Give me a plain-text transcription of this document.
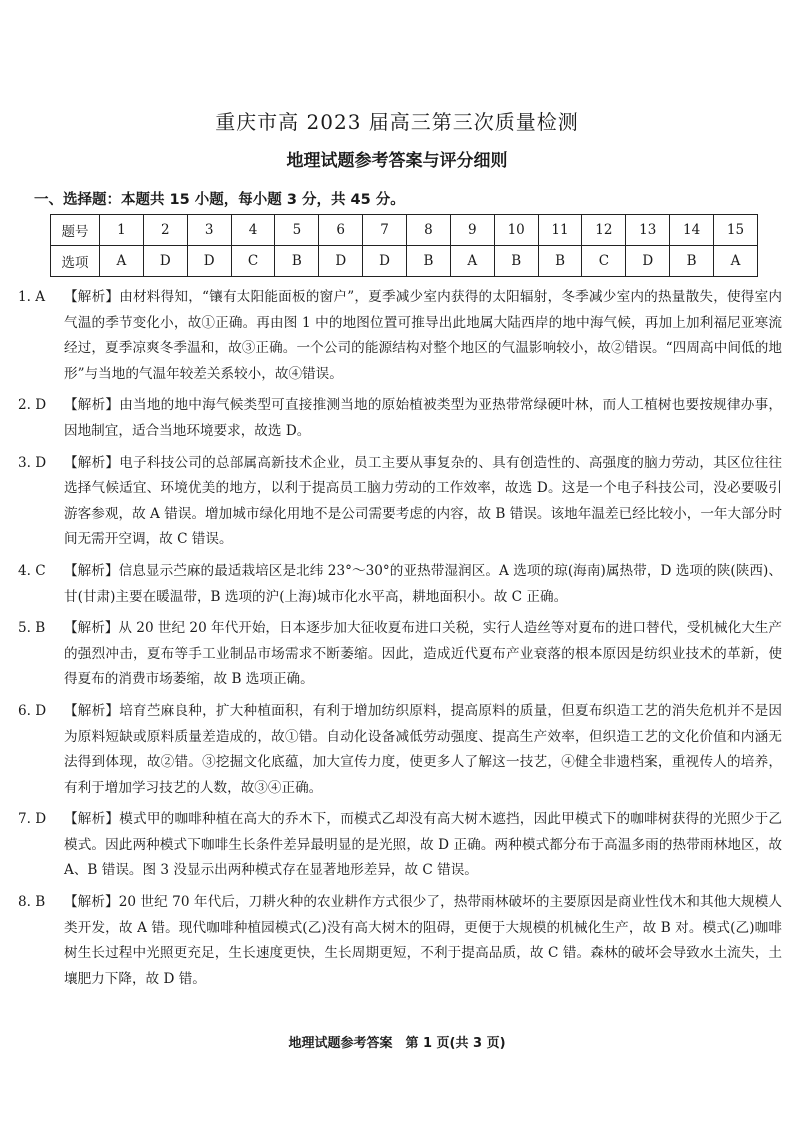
重庆市高 2023 届高三第三次质量检测
地理试题参考答案与评分细则
一、选择题：本题共 15 小题，每小题 3 分，共 45 分。
题号	1	2	3	4	5	6	7	8	9	10	11	12	13	14	15
选项	A	D	D	C	B	D	D	B	A	B	B	C	D	B	A
1. A	【解析】由材料得知，“镶有太阳能面板的窗户”，夏季减少室内获得的太阳辐射，冬季减少室内的热量散失，使得室内气温的季节变化小，故①正确。再由图 1 中的地图位置可推导出此地属大陆西岸的地中海气候，再加上加利福尼亚寒流经过，夏季凉爽冬季温和，故③正确。一个公司的能源结构对整个地区的气温影响较小，故②错误。“四周高中间低的地形”与当地的气温年较差关系较小，故④错误。
2. D	【解析】由当地的地中海气候类型可直接推测当地的原始植被类型为亚热带常绿硬叶林，而人工植树也要按规律办事，因地制宜，适合当地环境要求，故选 D。
3. D	【解析】电子科技公司的总部属高新技术企业，员工主要从事复杂的、具有创造性的、高强度的脑力劳动，其区位往往选择气候适宜、环境优美的地方，以利于提高员工脑力劳动的工作效率，故选 D。这是一个电子科技公司，没必要吸引游客参观，故 A 错误。增加城市绿化用地不是公司需要考虑的内容，故 B 错误。该地年温差已经比较小，一年大部分时间无需开空调，故 C 错误。
4. C	【解析】信息显示苎麻的最适栽培区是北纬 23°～30°的亚热带湿润区。A 选项的琼(海南)属热带，D 选项的陕(陕西)、甘(甘肃)主要在暖温带，B 选项的沪(上海)城市化水平高，耕地面积小。故 C 正确。
5. B	【解析】从 20 世纪 20 年代开始，日本逐步加大征收夏布进口关税，实行人造丝等对夏布的进口替代，受机械化大生产的强烈冲击，夏布等手工业制品市场需求不断萎缩。因此，造成近代夏布产业衰落的根本原因是纺织业技术的革新，使得夏布的消费市场萎缩，故 B 选项正确。
6. D	【解析】培育苎麻良种，扩大种植面积，有利于增加纺织原料，提高原料的质量，但夏布织造工艺的消失危机并不是因为原料短缺或原料质量差造成的，故①错。自动化设备减低劳动强度、提高生产效率，但织造工艺的文化价值和内涵无法得到体现，故②错。③挖掘文化底蕴，加大宣传力度，使更多人了解这一技艺，④健全非遗档案，重视传人的培养，有利于增加学习技艺的人数，故③④正确。
7. D	【解析】模式甲的咖啡种植在高大的乔木下，而模式乙却没有高大树木遮挡，因此甲模式下的咖啡树获得的光照少于乙模式。因此两种模式下咖啡生长条件差异最明显的是光照，故 D 正确。两种模式都分布于高温多雨的热带雨林地区，故 A、B 错误。图 3 没显示出两种模式存在显著地形差异，故 C 错误。
8. B	【解析】20 世纪 70 年代后，刀耕火种的农业耕作方式很少了，热带雨林破坏的主要原因是商业性伐木和其他大规模人类开发，故 A 错。现代咖啡种植园模式(乙)没有高大树木的阻碍，更便于大规模的机械化生产，故 B 对。模式(乙)咖啡树生长过程中光照更充足，生长速度更快，生长周期更短，不利于提高品质，故 C 错。森林的破坏会导致水土流失，土壤肥力下降，故 D 错。
地理试题参考答案　第 1 页(共 3 页)
